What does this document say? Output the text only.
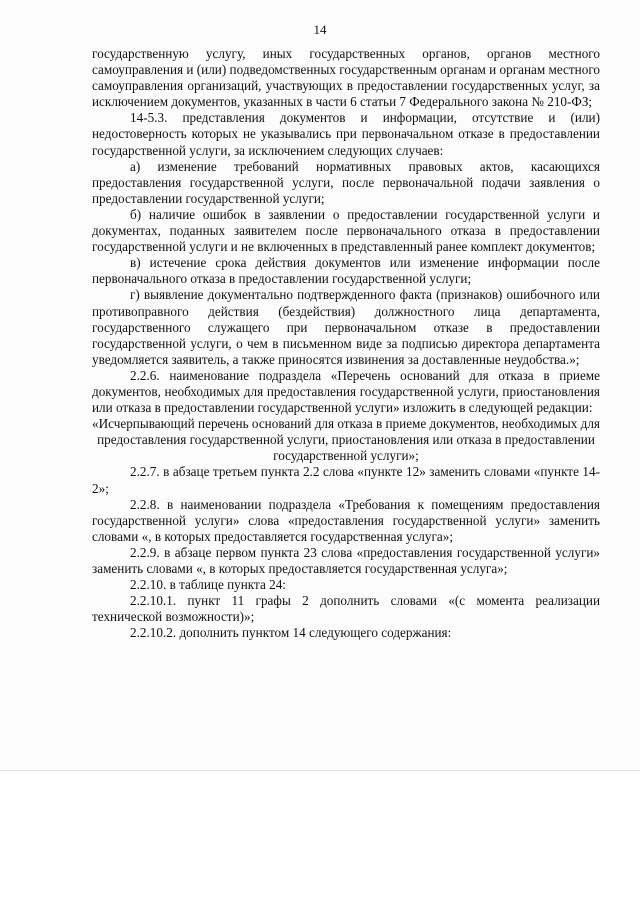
14

государственную услугу, иных государственных органов, органов местного самоуправления и (или) подведомственных государственным органам и органам местного самоуправления организаций, участвующих в предоставлении государственных услуг, за исключением документов, указанных в части 6 статьи 7 Федерального закона № 210-ФЗ;

14-5.3. представления документов и информации, отсутствие и (или) недостоверность которых не указывались при первоначальном отказе в предоставлении государственной услуги, за исключением следующих случаев:

а) изменение требований нормативных правовых актов, касающихся предоставления государственной услуги, после первоначальной подачи заявления о предоставлении государственной услуги;

б) наличие ошибок в заявлении о предоставлении государственной услуги и документах, поданных заявителем после первоначального отказа в предоставлении государственной услуги и не включенных в представленный ранее комплект документов;

в) истечение срока действия документов или изменение информации после первоначального отказа в предоставлении государственной услуги;

г) выявление документально подтвержденного факта (признаков) ошибочного или противоправного действия (бездействия) должностного лица департамента, государственного служащего при первоначальном отказе в предоставлении государственной услуги, о чем в письменном виде за подписью директора департамента уведомляется заявитель, а также приносятся извинения за доставленные неудобства.»;

2.2.6. наименование подраздела «Перечень оснований для отказа в приеме документов, необходимых для предоставления государственной услуги, приостановления или отказа в предоставлении государственной услуги» изложить в следующей редакции:

«Исчерпывающий перечень оснований для отказа в приеме документов, необходимых для предоставления государственной услуги, приостановления или отказа в предоставлении государственной услуги»;

2.2.7. в абзаце третьем пункта 2.2 слова «пункте 12» заменить словами «пункте 14-2»;

2.2.8. в наименовании подраздела «Требования к помещениям предоставления государственной услуги» слова «предоставления государственной услуги» заменить словами «, в которых предоставляется государственная услуга»;

2.2.9. в абзаце первом пункта 23 слова «предоставления государственной услуги» заменить словами «, в которых предоставляется государственная услуга»;

2.2.10. в таблице пункта 24:

2.2.10.1. пункт 11 графы 2 дополнить словами «(с момента реализации технической возможности)»;

2.2.10.2. дополнить пунктом 14 следующего содержания:
